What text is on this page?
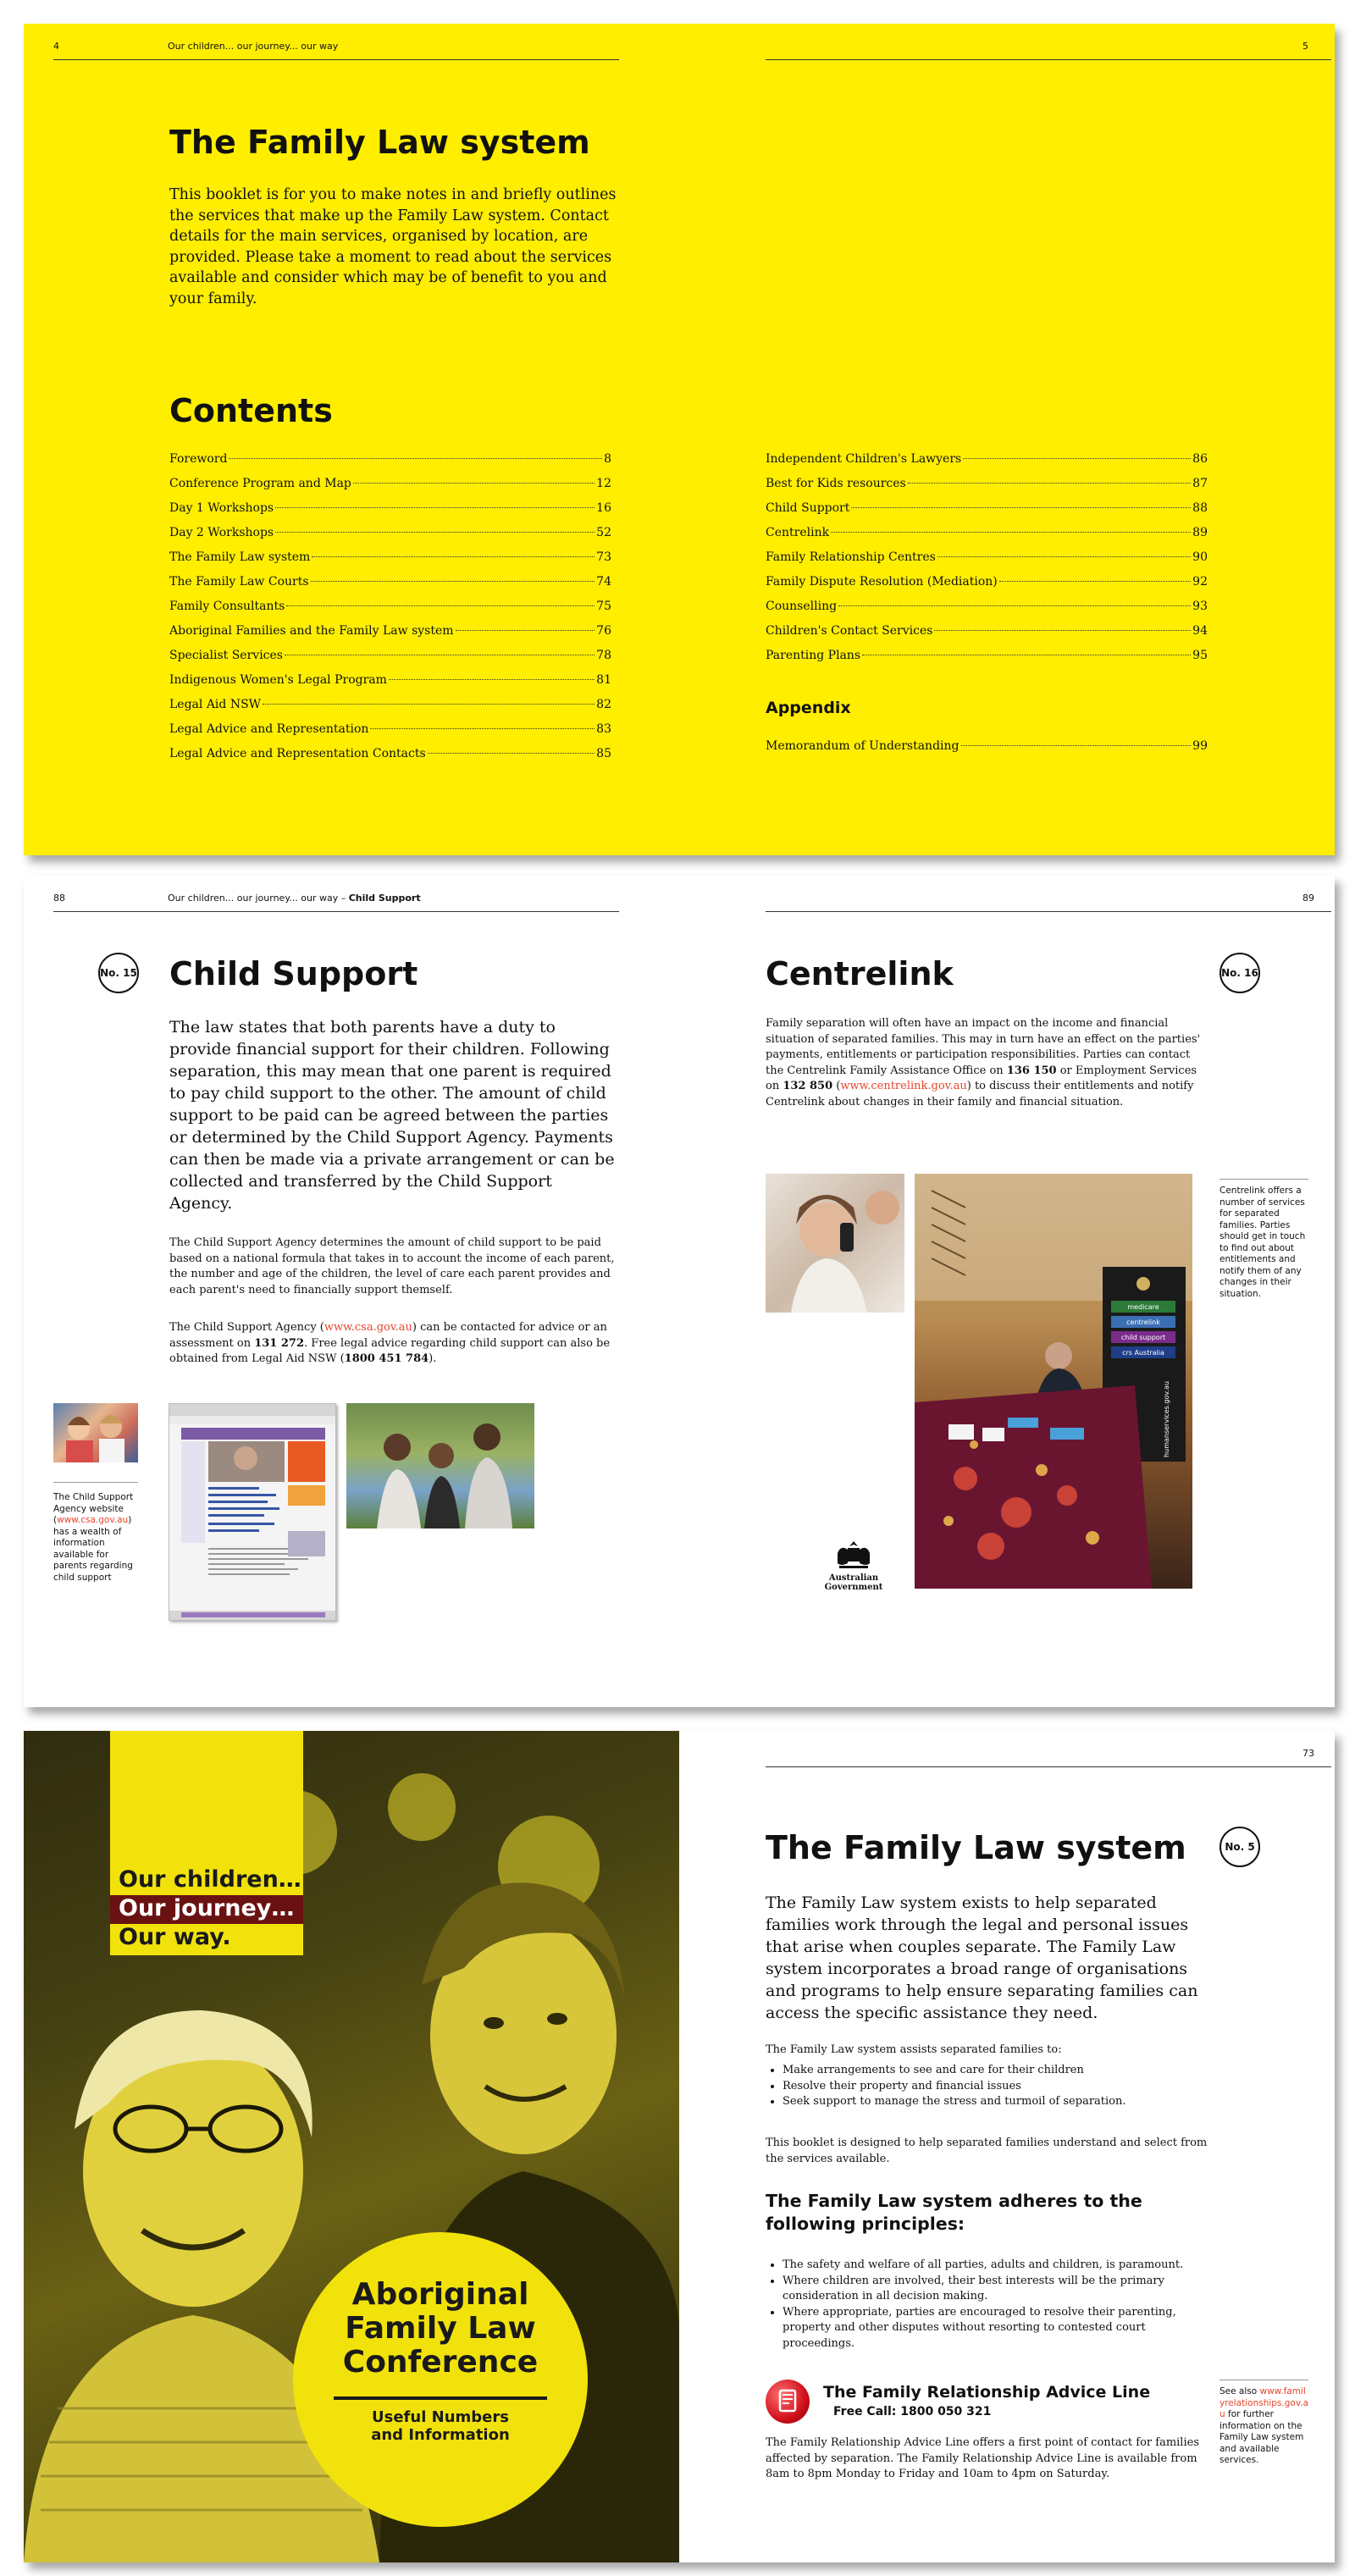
4	Our children... our journey... our way	5
The Family Law system
This booklet is for you to make notes in and briefly outlines the services that make up the Family Law system. Contact details for the main services, organised by location, are provided. Please take a moment to read about the services available and consider which may be of benefit to you and your family.
Contents
Foreword	8
Conference Program and Map	12
Day 1 Workshops	16
Day 2 Workshops	52
The Family Law system	73
The Family Law Courts	74
Family Consultants	75
Aboriginal Families and the Family Law system	76
Specialist Services	78
Indigenous Women's Legal Program	81
Legal Aid NSW	82
Legal Advice and Representation	83
Legal Advice and Representation Contacts	85
Independent Children's Lawyers	86
Best for Kids resources	87
Child Support	88
Centrelink	89
Family Relationship Centres	90
Family Dispute Resolution (Mediation)	92
Counselling	93
Children's Contact Services	94
Parenting Plans	95
Appendix
Memorandum of Understanding	99
88	Our children... our journey... our way – Child Support	89
No. 15 Child Support
The law states that both parents have a duty to provide financial support for their children. Following separation, this may mean that one parent is required to pay child support to the other. The amount of child support to be paid can be agreed between the parties or determined by the Child Support Agency. Payments can then be made via a private arrangement or can be collected and transferred by the Child Support Agency.
The Child Support Agency determines the amount of child support to be paid based on a national formula that takes in to account the income of each parent, the number and age of the children, the level of care each parent provides and each parent's need to financially support themself.
The Child Support Agency (www.csa.gov.au) can be contacted for advice or an assessment on 131 272. Free legal advice regarding child support can also be obtained from Legal Aid NSW (1800 451 784).
The Child Support Agency website (www.csa.gov.au) has a wealth of information available for parents regarding child support
Centrelink	No. 16
Family separation will often have an impact on the income and financial situation of separated families. This may in turn have an effect on the parties' payments, entitlements or participation responsibilities. Parties can contact the Centrelink Family Assistance Office on 136 150 or Employment Services on 132 850 (www.centrelink.gov.au) to discuss their entitlements and notify Centrelink about changes in their family and financial situation.
medicare
centrelink
child support
crs Australia
humanservices.gov.au
Centrelink offers a number of services for separated families. Parties should get in touch to find out about entitlements and notify them of any changes in their situation.
Australian Government
Our children…
Our journey…
Our way.
Aboriginal
Family Law
Conference
Useful Numbers
and Information
73
The Family Law system	No. 5
The Family Law system exists to help separated families work through the legal and personal issues that arise when couples separate. The Family Law system incorporates a broad range of organisations and programs to help ensure separating families can access the specific assistance they need.
The Family Law system assists separated families to:
• Make arrangements to see and care for their children
• Resolve their property and financial issues
• Seek support to manage the stress and turmoil of separation.
This booklet is designed to help separated families understand and select from the services available.
The Family Law system adheres to the following principles:
• The safety and welfare of all parties, adults and children, is paramount.
• Where children are involved, their best interests will be the primary consideration in all decision making.
• Where appropriate, parties are encouraged to resolve their parenting, property and other disputes without resorting to contested court proceedings.
The Family Relationship Advice Line
Free Call: 1800 050 321
The Family Relationship Advice Line offers a first point of contact for families affected by separation. The Family Relationship Advice Line is available from 8am to 8pm Monday to Friday and 10am to 4pm on Saturday.
See also www.familyrelationships.gov.au for further information on the Family Law system and available services.
